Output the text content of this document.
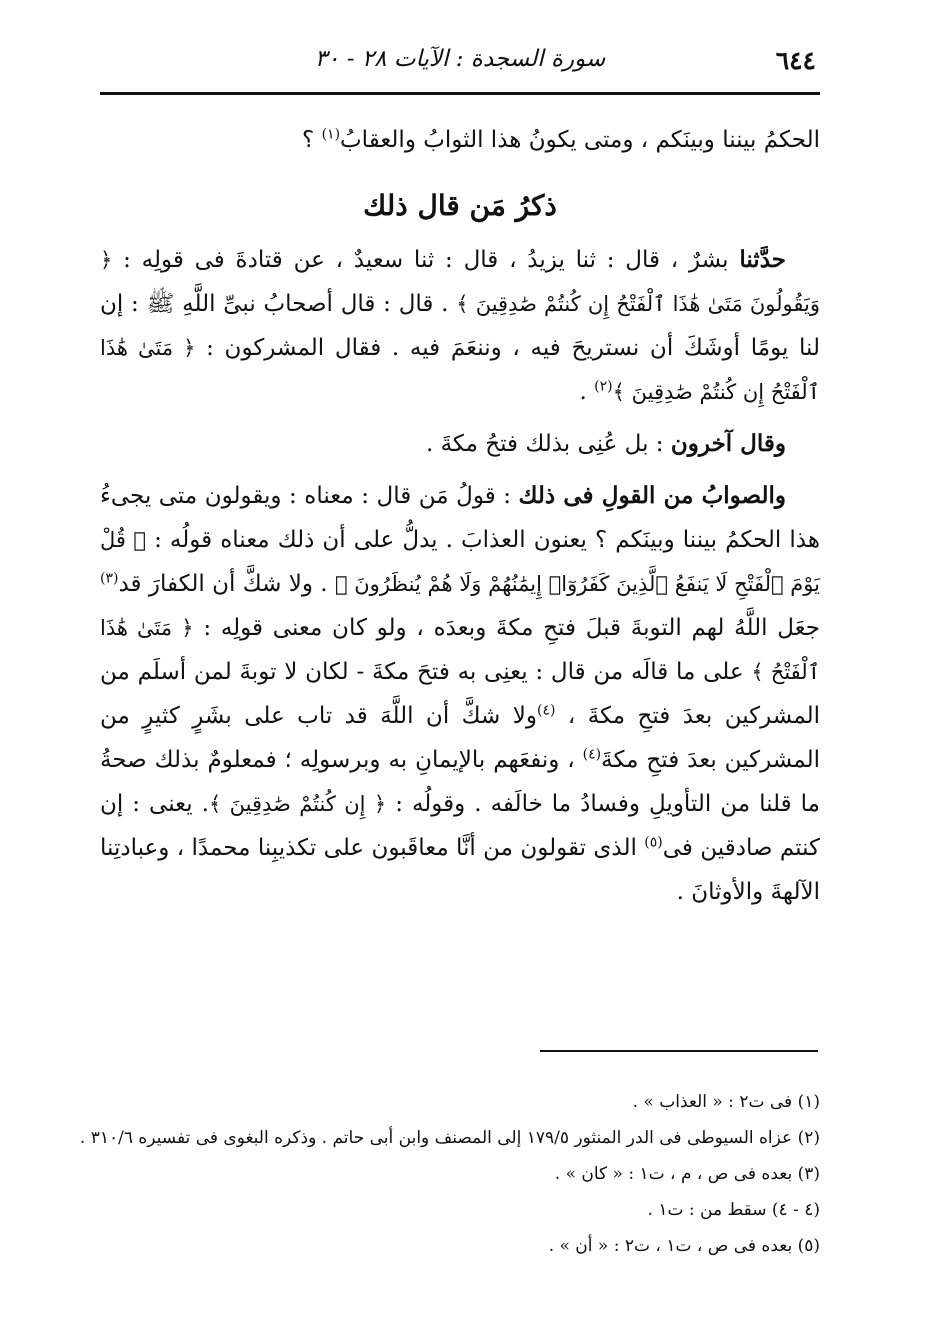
٦٤٤
سورة السجدة : الآيات ٢٨ - ٣٠

الحكمُ بيننا وبينَكم ، ومتى يكونُ هذا الثوابُ والعقابُ$^{(١)}$ ؟

ذكرُ مَن قال ذلك

حدَّثنا بشرٌ ، قال : ثنا يزيدُ ، قال : ثنا سعيدٌ ، عن قتادةَ فى قولِه : ﴿ وَيَقُولُونَ مَتَىٰ هَٰذَا ٱلْفَتْحُ إِن كُنتُمْ صَٰدِقِينَ ﴾ . قال : قال أصحابُ نبىِّ اللَّهِ ﷺ : إن لنا يومًا أوشَكَ أن نستريحَ فيه ، وننعَمَ فيه . فقال المشركون : ﴿ مَتَىٰ هَٰذَا ٱلْفَتْحُ إِن كُنتُمْ صَٰدِقِينَ ﴾$^{(٢)}$ .

وقال آخرون : بل عُنِى بذلك فتحُ مكةَ .

والصوابُ من القولِ فى ذلك : قولُ مَن قال : معناه : ويقولون متى يجىءُ هذا الحكمُ بيننا وبينَكم ؟ يعنون العذابَ . يدلُّ على أن ذلك معناه قولُه : ﴿ قُلْ يَوْمَ ٱلْفَتْحِ لَا يَنفَعُ ٱلَّذِينَ كَفَرُوٓا۟ إِيمَٰنُهُمْ وَلَا هُمْ يُنظَرُونَ ﴾ . ولا شكَّ أن الكفارَ قد$^{(٣)}$ جعَل اللَّهُ لهم التوبةَ قبلَ فتحِ مكةَ وبعدَه ، ولو كان معنى قولِه : ﴿ مَتَىٰ هَٰذَا ٱلْفَتْحُ ﴾ على ما قالَه من قال : يعنِى به فتحَ مكةَ - لكان لا توبةَ لمن أسلَم من المشركين بعدَ فتحِ مكةَ ، $^{(٤)}$ولا شكَّ أن اللَّهَ قد تاب على بشَرٍ كثيرٍ من المشركين بعدَ فتحِ مكةَ$^{(٤)}$ ، ونفعَهم بالإيمانِ به وبرسولِه ؛ فمعلومٌ بذلك صحةُ ما قلنا من التأويلِ وفسادُ ما خالَفه . وقولُه : ﴿ إِن كُنتُمْ صَٰدِقِينَ ﴾. يعنى : إن كنتم صادقين فى$^{(٥)}$ الذى تقولون من أنَّا معاقَبون على تكذيبِنا محمدًا ، وعبادتِنا الآلهةَ والأوثانَ .

(١) فى ت٢ : « العذاب » .
(٢) عزاه السيوطى فى الدر المنثور ١٧٩/٥ إلى المصنف وابن أبى حاتم . وذكره البغوى فى تفسيره ٣١٠/٦ .
(٣) بعده فى ص ، م ، ت١ : « كان » .
(٤ - ٤) سقط من : ت١ .
(٥) بعده فى ص ، ت١ ، ت٢ : « أن » .
